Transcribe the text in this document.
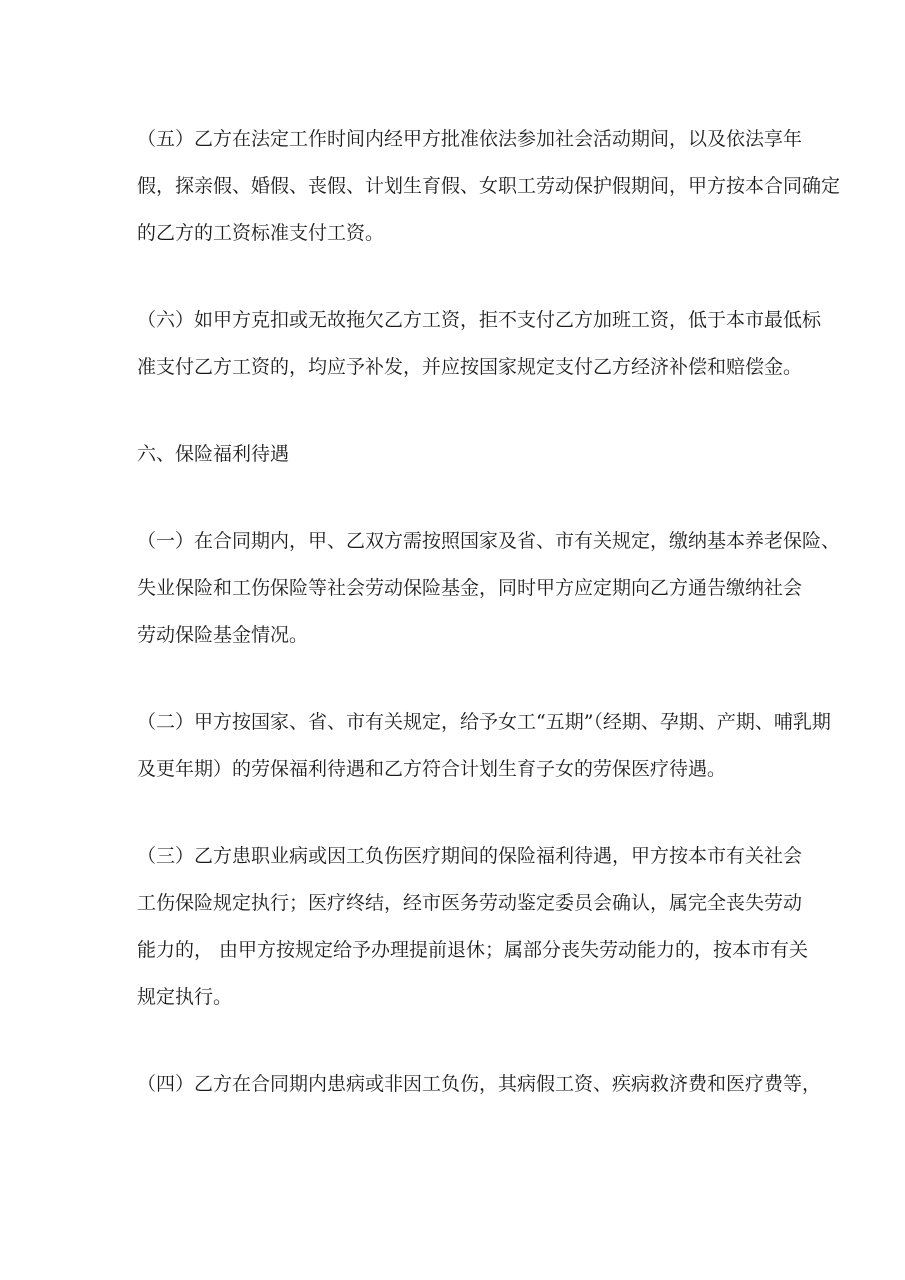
（五）乙方在法定工作时间内经甲方批准依法参加社会活动期间，以及依法享年
假，探亲假、婚假、丧假、计划生育假、女职工劳动保护假期间，甲方按本合同确定
的乙方的工资标准支付工资。

（六）如甲方克扣或无故拖欠乙方工资，拒不支付乙方加班工资，低于本市最低标
准支付乙方工资的，均应予补发，并应按国家规定支付乙方经济补偿和赔偿金。

六、保险福利待遇

（一）在合同期内，甲、乙双方需按照国家及省、市有关规定，缴纳基本养老保险、
失业保险和工伤保险等社会劳动保险基金，同时甲方应定期向乙方通告缴纳社会
劳动保险基金情况。

（二）甲方按国家、省、市有关规定，给予女工“五期”（经期、孕期、产期、哺乳期
及更年期）的劳保福利待遇和乙方符合计划生育子女的劳保医疗待遇。

（三）乙方患职业病或因工负伤医疗期间的保险福利待遇，甲方按本市有关社会
工伤保险规定执行；医疗终结，经市医务劳动鉴定委员会确认，属完全丧失劳动
能力的， 由甲方按规定给予办理提前退休；属部分丧失劳动能力的，按本市有关
规定执行。

（四）乙方在合同期内患病或非因工负伤，其病假工资、疾病救济费和医疗费等，
